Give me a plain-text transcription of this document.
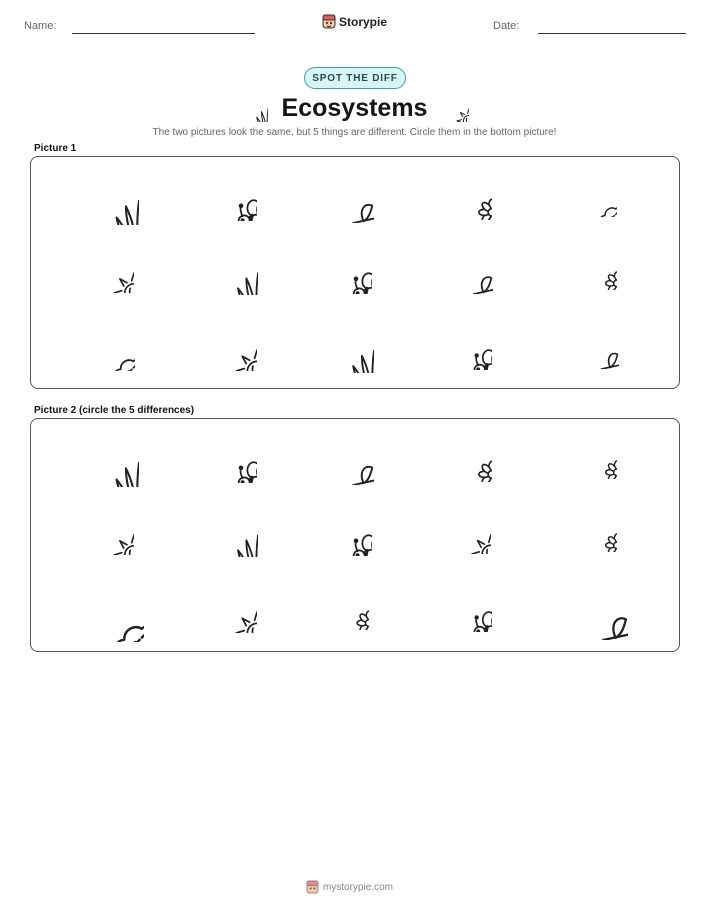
Name:	Storypie	Date:
SPOT THE DIFF
Ecosystems
The two pictures look the same, but 5 things are different. Circle them in the bottom picture!
Picture 1
Picture 2 (circle the 5 differences)
mystorypie.com
